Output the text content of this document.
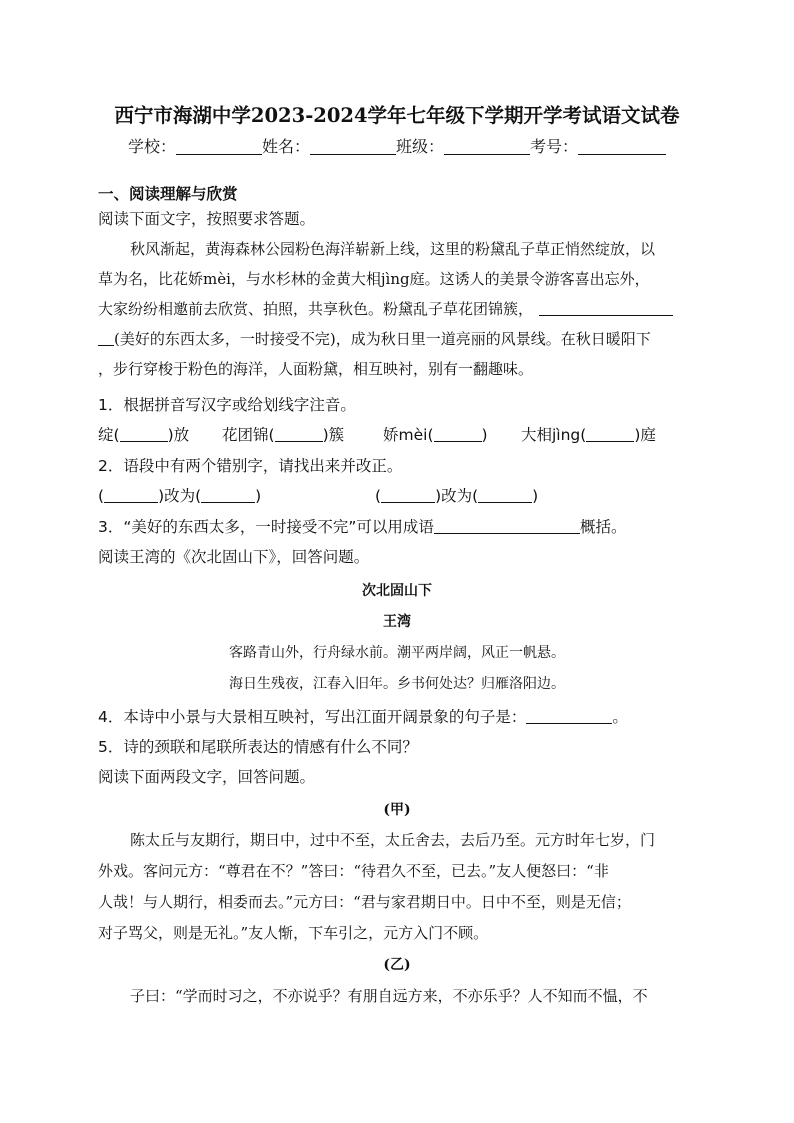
西宁市海湖中学2023-2024学年七年级下学期开学考试语文试卷
学校：	姓名：	班级：	考号：
一、阅读理解与欣赏
阅读下面文字，按照要求答题。
秋风渐起，黄海森林公园粉色海洋崭新上线，这里的粉黛乱子草正悄然绽放，以
草为名，比花娇mèi，与水杉林的金黄大相jìng庭。这诱人的美景令游客喜出忘外，
大家纷纷相邀前去欣赏、拍照，共享秋色。粉黛乱子草花团锦簇，
(美好的东西太多，一时接受不完)，成为秋日里一道亮丽的风景线。在秋日暖阳下
，步行穿梭于粉色的海洋，人面粉黛，相互映衬，别有一翻趣味。
1．根据拼音写汉字或给划线字注音。
绽(	)放 花团锦(	)簇	娇mèi(	) 大相jìng(	)庭
2．语段中有两个错别字，请找出来并改正。
(	)改为(	)	(	)改为(	)
3．“美好的东西太多，一时接受不完”可以用成语	概括。
阅读王湾的《次北固山下》，回答问题。
次北固山下
王湾
客路青山外，行舟绿水前。潮平两岸阔，风正一帆悬。
海日生残夜，江春入旧年。乡书何处达？归雁洛阳边。
4．本诗中小景与大景相互映衬，写出江面开阔景象的句子是：	。
5．诗的颈联和尾联所表达的情感有什么不同？
阅读下面两段文字，回答问题。
(甲)
陈太丘与友期行，期日中，过中不至，太丘舍去，去后乃至。元方时年七岁，门
外戏。客问元方：“尊君在不？”答曰：“待君久不至，已去。”友人便怒曰：“非
人哉！与人期行，相委而去。”元方曰：“君与家君期日中。日中不至，则是无信；
对子骂父，则是无礼。”友人惭，下车引之，元方入门不顾。
(乙)
子曰：“学而时习之，不亦说乎？有朋自远方来，不亦乐乎？人不知而不愠，不
